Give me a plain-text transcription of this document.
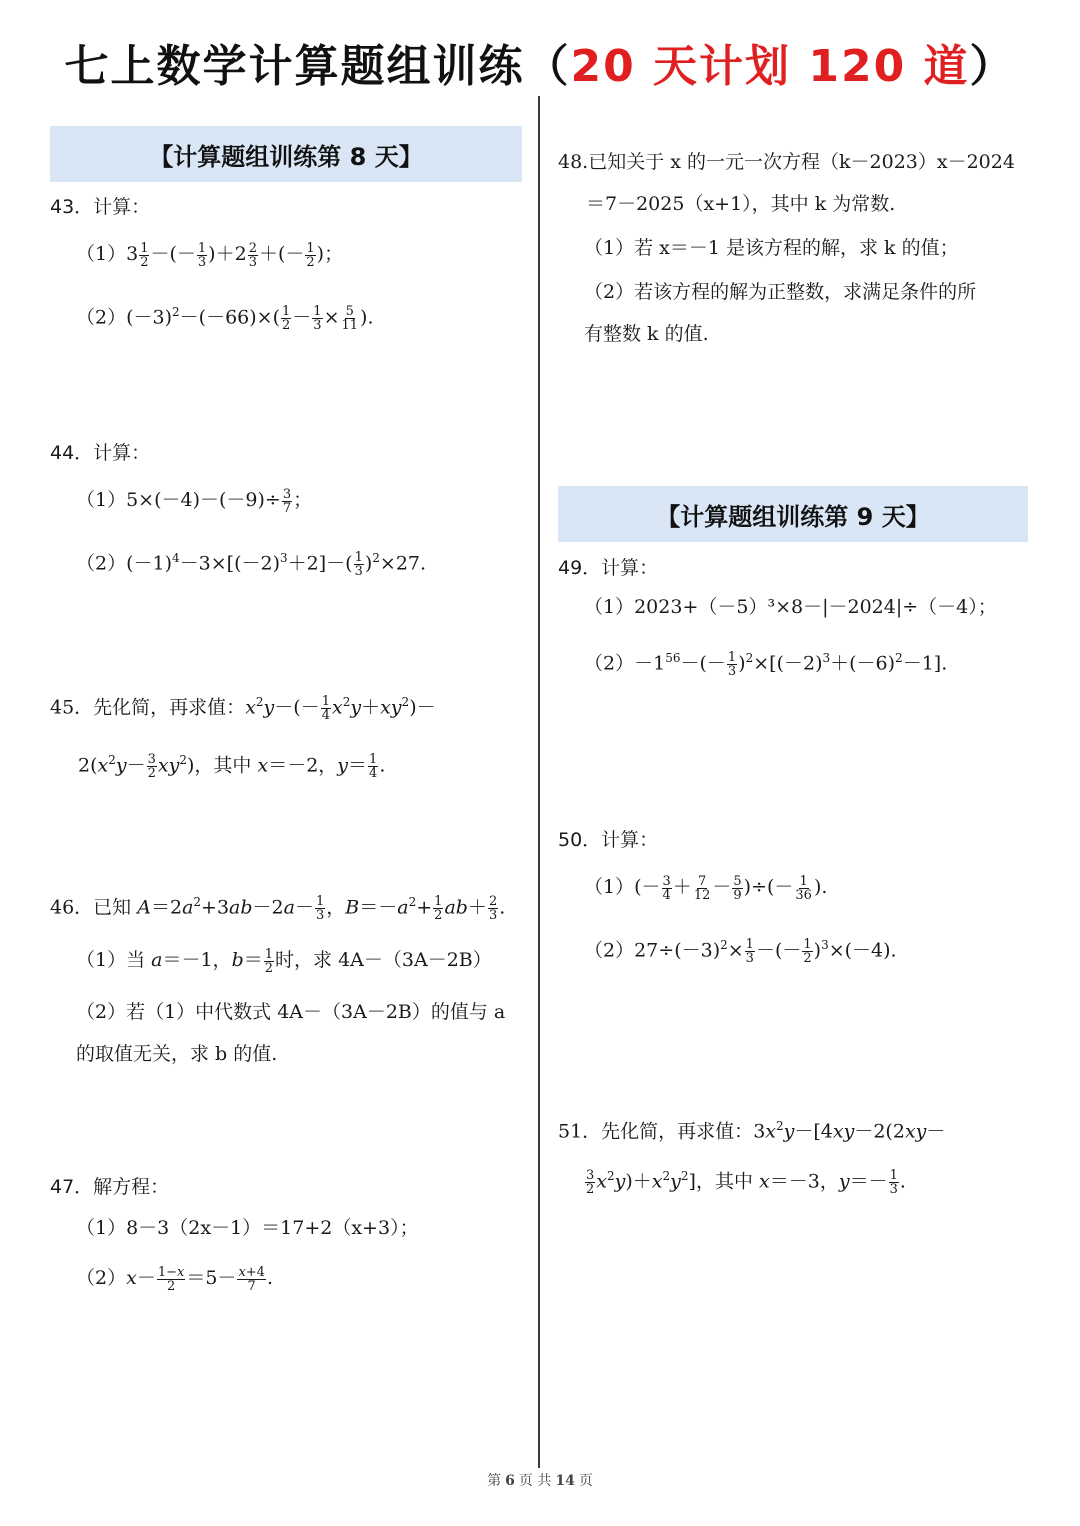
七上数学计算题组训练（20 天计划 120 道）
【计算题组训练第 8 天】
43．计算：
$(1)3 \frac{1}{2}$ －(－ $\frac{1}{3} )+2 \frac{2}{3}$ ＋(－ $\frac{1}{2}$ )；
$(2)(-3)^2-(-66)\times( \frac{1}{2} - \frac{1}{3} \times \frac{5}{11}$ ).
44．计算：
$(1)5\times(-4)-(-9)\div \frac{3}{7}$ ；
$(2)(-1)^4-3\times[(-2)^3+2]-( \frac{1}{3} )^2\times 27$.
45．先化简，再求值：$x^2y-(- \frac{1}{4} x^2y+xy^2)-$
$2(x^2y- \frac{3}{2} xy^2)$，其中 x＝－2，$y= \frac{1}{4}$ .
46．已知 $A=2a^2+3ab-2a- \frac{1}{3}$ ，$B=-a^2+ \frac{1}{2} ab+ \frac{2}{3}$ .
（1）当 a＝－1，$b= \frac{1}{2}$ 时，求 4A－（3A－2B）
（2）若（1）中代数式 4A－（3A－2B）的值与 a
的取值无关，求 b 的值.
47．解方程：
（1）8－3（2x－1）＝17+2（x+3）；
$(2)x- \frac{1-x}{2} =5- \frac{x+4}{7}$ .
48.已知关于 x 的一元一次方程（k－2023）x－2024
＝7－2025（x+1），其中 k 为常数.
（1）若 x＝－1 是该方程的解，求 k 的值；
（2）若该方程的解为正整数，求满足条件的所
有整数 k 的值.
【计算题组训练第 9 天】
49．计算：
（1）2023+（－5）³×8－|－2024|÷（－4）；
$(2)-1^{56}-(- \frac{1}{3} )^2\times[(-2)^3+(-6)^2-1]$.
50．计算：
$(1)(- \frac{3}{4} + \frac{7}{12} - \frac{5}{9}$ )÷(－ $\frac{1}{36}$ ).
$(2)27\div(-3)^2\times \frac{1}{3}$ －(－ $\frac{1}{2} )^3\times(-4)$.
51．先化简，再求值：$3x^2y-[4xy-2(2xy-$
$\frac{3}{2} x^2y)+x^2y^2$]，其中 x＝－3，$y=- \frac{1}{3}$ .
第 6 页 共 14 页
